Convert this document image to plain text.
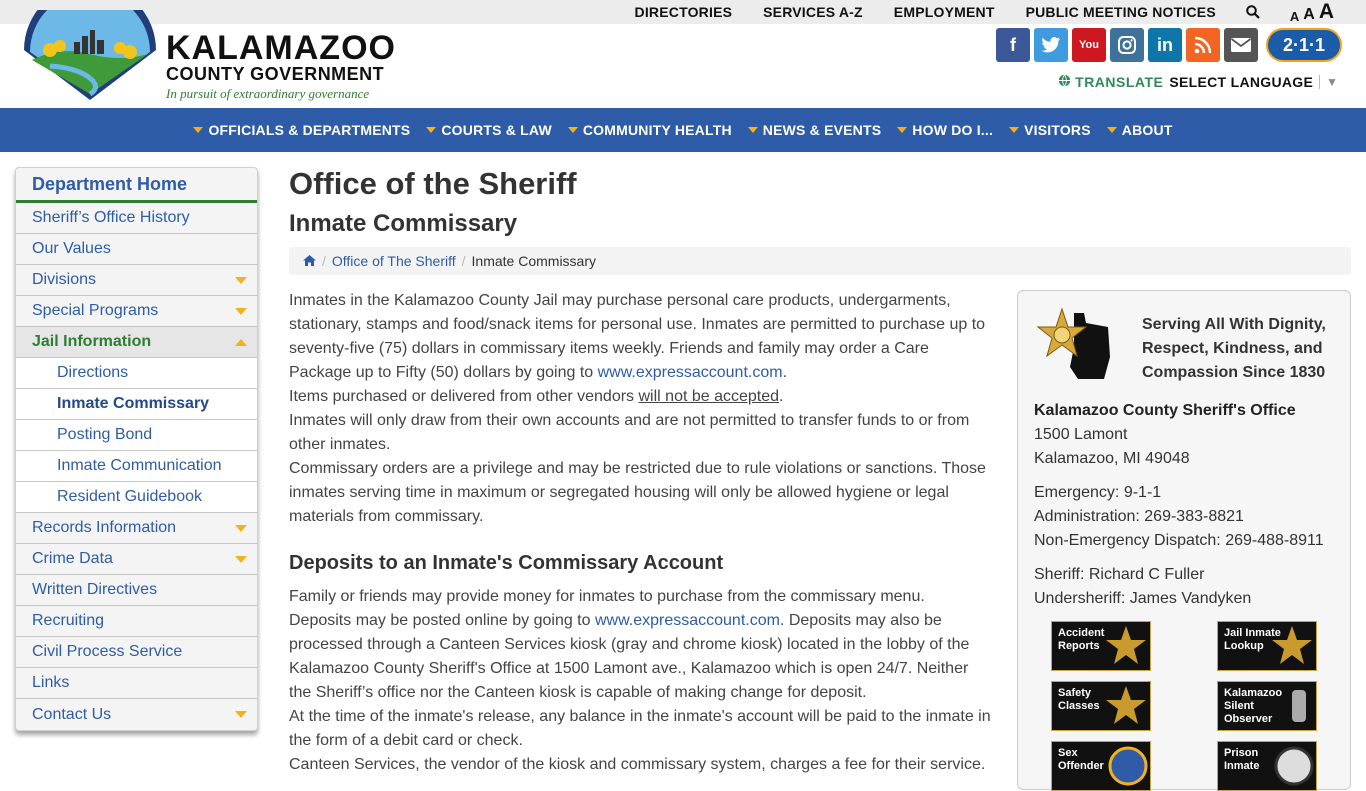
DIRECTORIES SERVICES A-Z EMPLOYMENT PUBLIC MEETING NOTICES	A A A
KALAMAZOO
COUNTY GOVERNMENT
In pursuit of extraordinary governance
f	You	in	2·1·1
TRANSLATE SELECT LANGUAGE	▼
OFFICIALS & DEPARTMENTS COURTS & LAW COMMUNITY HEALTH NEWS & EVENTS HOW DO I... VISITORS ABOUT
Department Home
Sheriff’s Office History
Our Values
Divisions
Special Programs
Jail Information
Directions
Inmate Commissary
Posting Bond
Inmate Communication
Resident Guidebook
Records Information
Crime Data
Written Directives
Recruiting
Civil Process Service
Links
Contact Us
Office of the Sheriff
Inmate Commissary
/ Office of The Sheriff / Inmate Commissary

Inmates in the Kalamazoo County Jail may purchase personal care products, undergarments, stationary, stamps and food/snack items for personal use. Inmates are permitted to purchase up to seventy-five (75) dollars in commissary items weekly. Friends and family may order a Care Package up to Fifty (50) dollars by going to www.expressaccount.com.

Items purchased or delivered from other vendors will not be accepted.

Inmates will only draw from their own accounts and are not permitted to transfer funds to or from other inmates.

Commissary orders are a privilege and may be restricted due to rule violations or sanctions. Those inmates serving time in maximum or segregated housing will only be allowed hygiene or legal materials from commissary.

Deposits to an Inmate's Commissary Account

Family or friends may provide money for inmates to purchase from the commissary menu.

Deposits may be posted online by going to www.expressaccount.com. Deposits may also be processed through a Canteen Services kiosk (gray and chrome kiosk) located in the lobby of the Kalamazoo County Sheriff's Office at 1500 Lamont ave., Kalamazoo which is open 24/7. Neither the Sheriff’s office nor the Canteen kiosk is capable of making change for deposit.

At the time of the inmate's release, any balance in the inmate's account will be paid to the inmate in the form of a debit card or check.

Canteen Services, the vendor of the kiosk and commissary system, charges a fee for their service.

Serving All With Dignity, Respect, Kindness, and Compassion Since 1830
Kalamazoo County Sheriff's Office
1500 Lamont
Kalamazoo, MI 49048
Emergency: 9-1-1
Administration: 269-383-8821
Non-Emergency Dispatch: 269-488-8911
Sheriff: Richard C Fuller
Undersheriff: James Vandyken
Accident Reports
Jail Inmate Lookup
Safety Classes
Kalamazoo Silent Observer
Sex Offender
Prison Inmate
